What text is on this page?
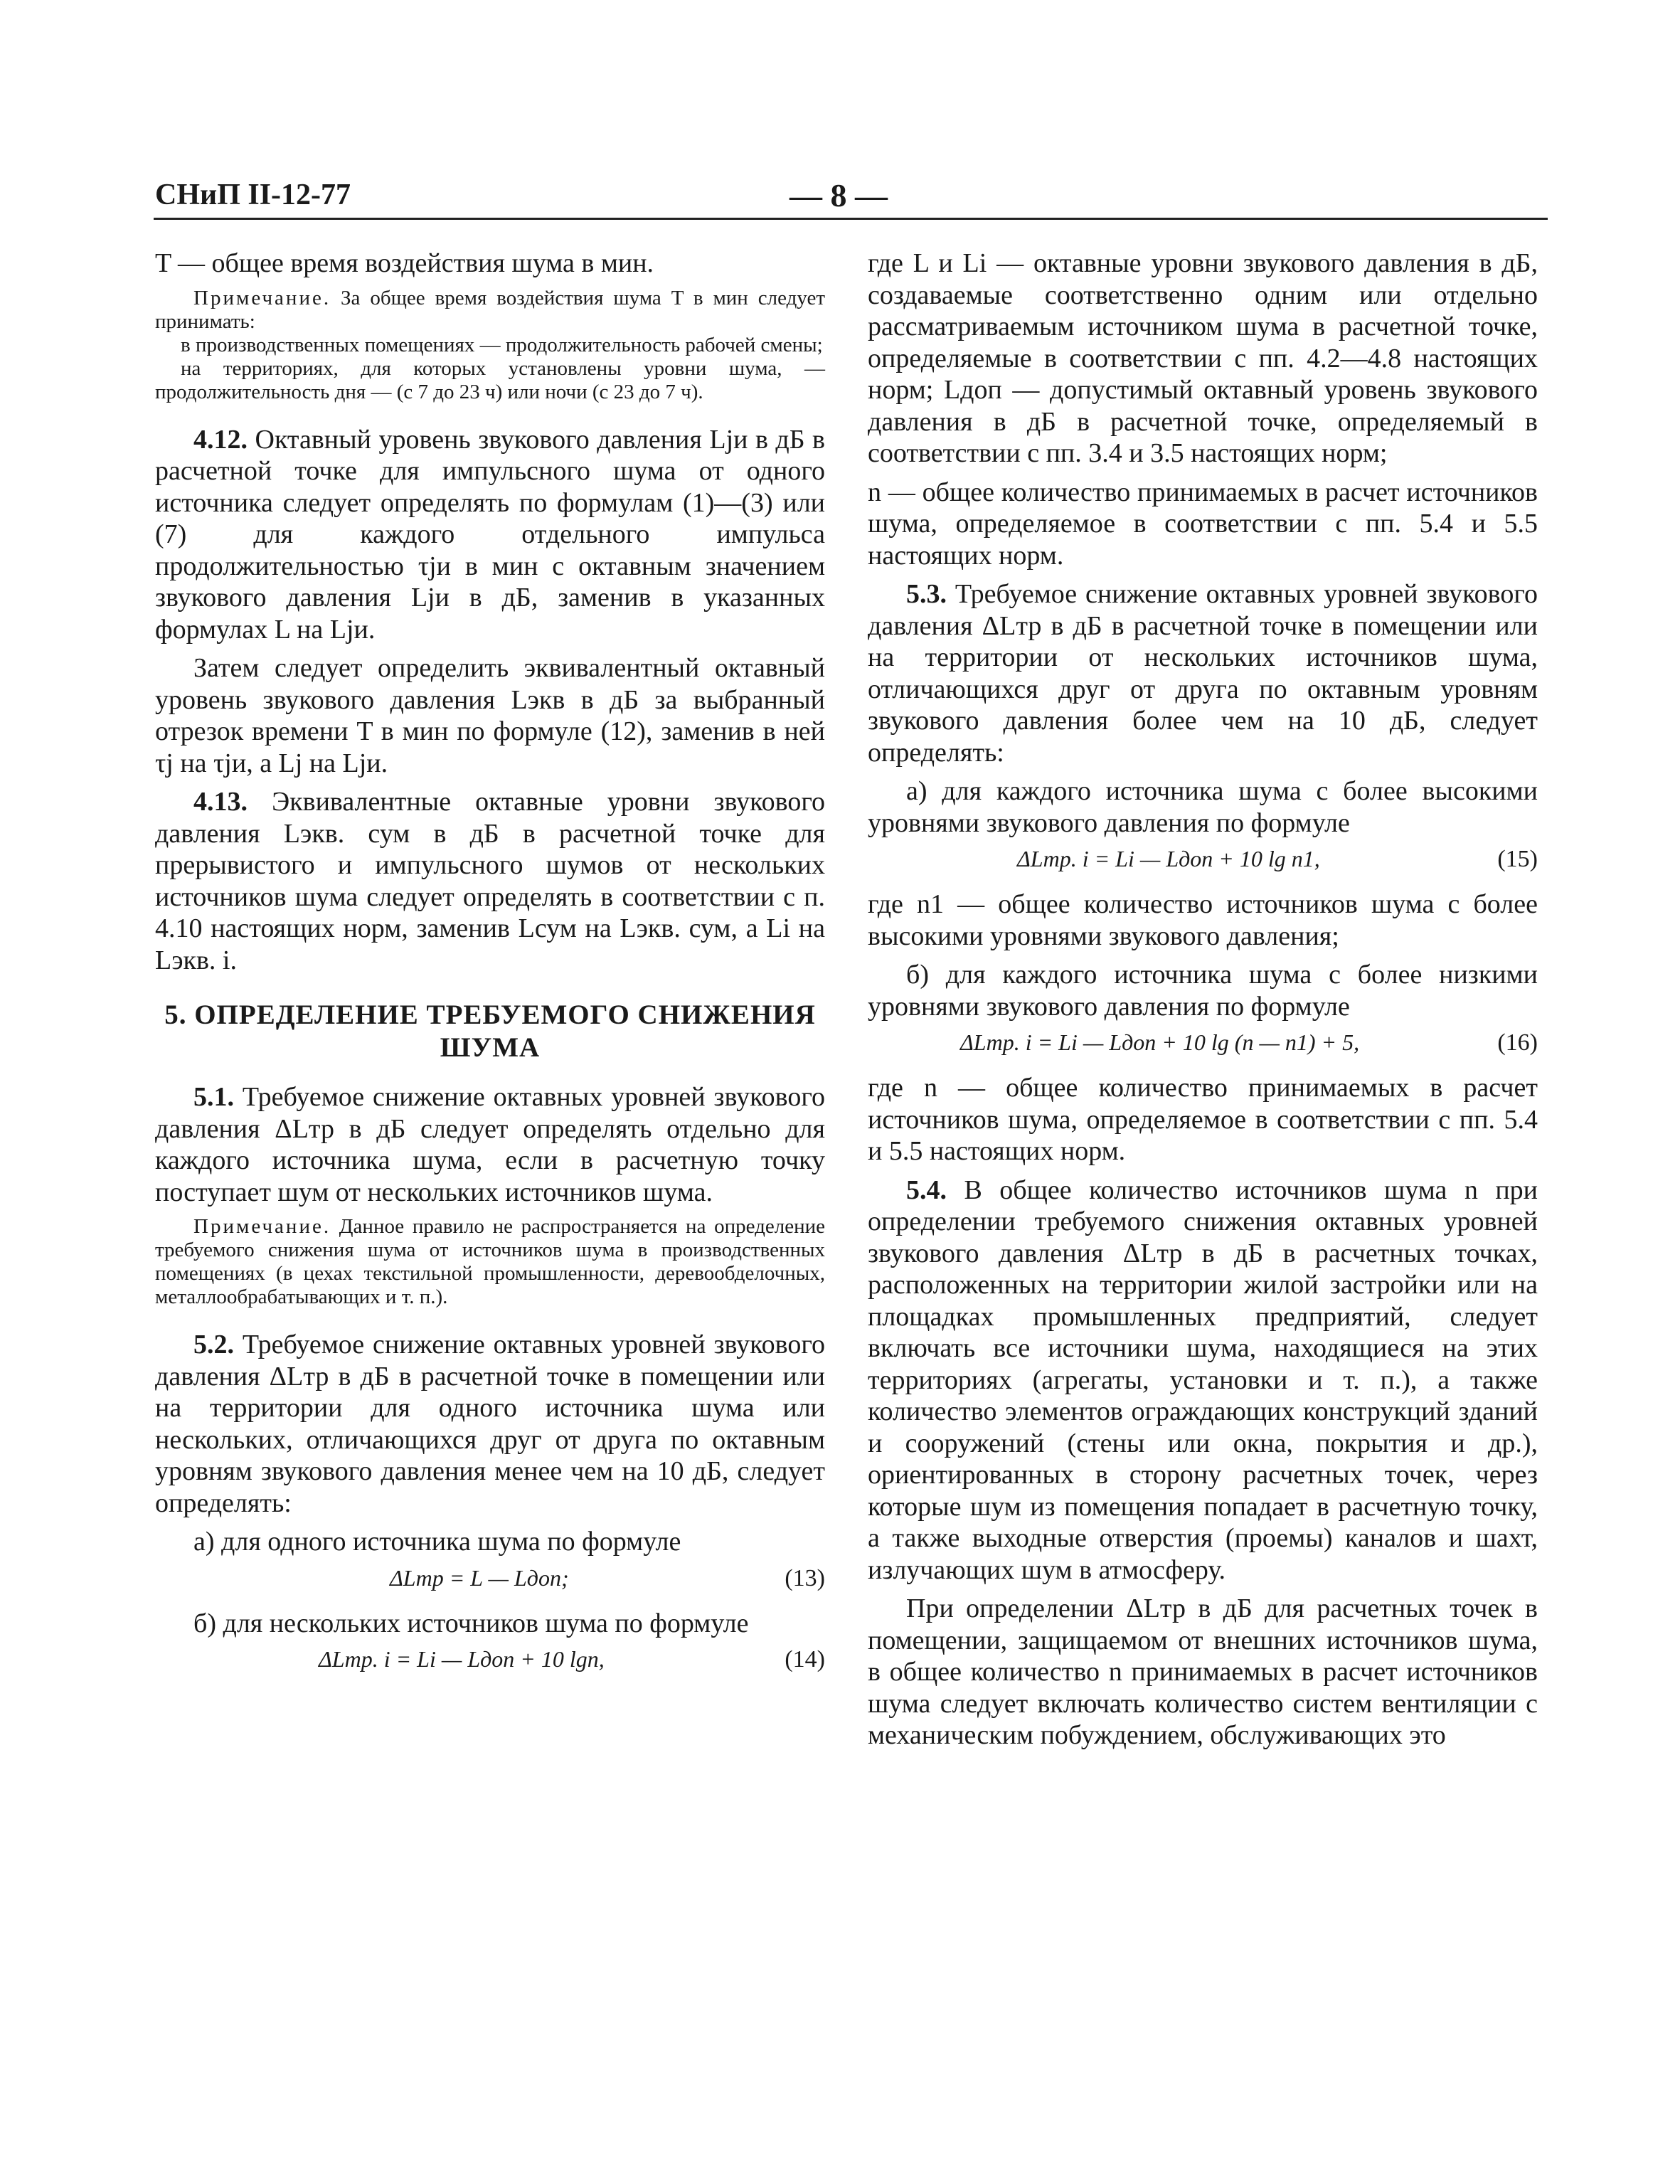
СНиП II-12-77	— 8 —

T — общее время воздействия шума в мин.

Примечание. За общее время воздействия шума T в мин следует принимать:
в производственных помещениях — продолжительность рабочей смены;
на территориях, для которых установлены уровни шума, — продолжительность дня — (с 7 до 23 ч) или ночи (с 23 до 7 ч).

4.12. Октавный уровень звукового давления Ljи в дБ в расчетной точке для импульсного шума от одного источника следует определять по формулам (1)—(3) или (7) для каждого отдельного импульса продолжительностью τjи в мин с октавным значением звукового давления Ljи в дБ, заменив в указанных формулах L на Ljи.

Затем следует определить эквивалентный октавный уровень звукового давления Lэкв в дБ за выбранный отрезок времени T в мин по формуле (12), заменив в ней τj на τjи, а Lj на Ljи.

4.13. Эквивалентные октавные уровни звукового давления Lэкв. сум в дБ в расчетной точке для прерывистого и импульсного шумов от нескольких источников шума следует определять в соответствии с п. 4.10 настоящих норм, заменив Lсум на Lэкв. сум, а Li на Lэкв. i.

5. ОПРЕДЕЛЕНИЕ ТРЕБУЕМОГО СНИЖЕНИЯ ШУМА

5.1. Требуемое снижение октавных уровней звукового давления ΔLтр в дБ следует определять отдельно для каждого источника шума, если в расчетную точку поступает шум от нескольких источников шума.

Примечание. Данное правило не распространяется на определение требуемого снижения шума от источников шума в производственных помещениях (в цехах текстильной промышленности, деревообделочных, металлообрабатывающих и т. п.).

5.2. Требуемое снижение октавных уровней звукового давления ΔLтр в дБ в расчетной точке в помещении или на территории для одного источника шума или нескольких, отличающихся друг от друга по октавным уровням звукового давления менее чем на 10 дБ, следует определять:

а) для одного источника шума по формуле

ΔLтр = L — Lдоп;	(13)

б) для нескольких источников шума по формуле

ΔLтр. i = Li — Lдоп + 10 lgn,	(14)

где L и Li — октавные уровни звукового давления в дБ, создаваемые соответственно одним или отдельно рассматриваемым источником шума в расчетной точке, определяемые в соответствии с пп. 4.2—4.8 настоящих норм; Lдоп — допустимый октавный уровень звукового давления в дБ в расчетной точке, определяемый в соответствии с пп. 3.4 и 3.5 настоящих норм;

n — общее количество принимаемых в расчет источников шума, определяемое в соответствии с пп. 5.4 и 5.5 настоящих норм.

5.3. Требуемое снижение октавных уровней звукового давления ΔLтр в дБ в расчетной точке в помещении или на территории от нескольких источников шума, отличающихся друг от друга по октавным уровням звукового давления более чем на 10 дБ, следует определять:

а) для каждого источника шума с более высокими уровнями звукового давления по формуле

ΔLтр. i = Li — Lдоп + 10 lg n1,	(15)

где n1 — общее количество источников шума с более высокими уровнями звукового давления;

б) для каждого источника шума с более низкими уровнями звукового давления по формуле

ΔLтр. i = Li — Lдоп + 10 lg (n — n1) + 5,	(16)

где n — общее количество принимаемых в расчет источников шума, определяемое в соответствии с пп. 5.4 и 5.5 настоящих норм.

5.4. В общее количество источников шума n при определении требуемого снижения октавных уровней звукового давления ΔLтр в дБ в расчетных точках, расположенных на территории жилой застройки или на площадках промышленных предприятий, следует включать все источники шума, находящиеся на этих территориях (агрегаты, установки и т. п.), а также количество элементов ограждающих конструкций зданий и сооружений (стены или окна, покрытия и др.), ориентированных в сторону расчетных точек, через которые шум из помещения попадает в расчетную точку, а также выходные отверстия (проемы) каналов и шахт, излучающих шум в атмосферу.

При определении ΔLтр в дБ для расчетных точек в помещении, защищаемом от внешних источников шума, в общее количество n принимаемых в расчет источников шума следует включать количество систем вентиляции с механическим побуждением, обслуживающих это
